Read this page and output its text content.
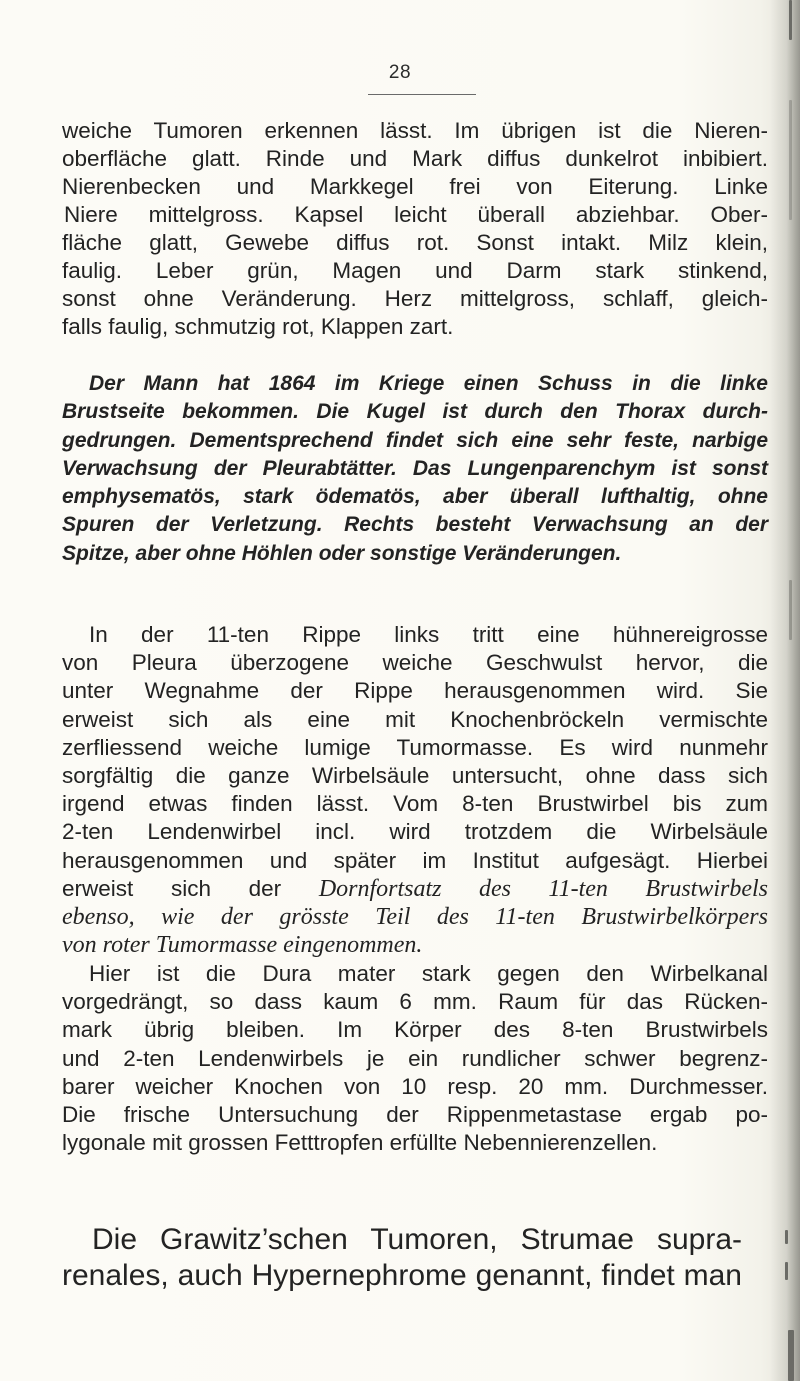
28
weiche Tumoren erkennen lässt. Im übrigen ist die Nieren-
oberfläche glatt. Rinde und Mark diffus dunkelrot inbibiert.
Nierenbecken und Markkegel frei von Eiterung. Linke
Niere mittelgross. Kapsel leicht überall abziehbar. Ober-
fläche glatt, Gewebe diffus rot. Sonst intakt. Milz klein,
faulig. Leber grün, Magen und Darm stark stinkend,
sonst ohne Veränderung. Herz mittelgross, schlaff, gleich-
falls faulig, schmutzig rot, Klappen zart.
Der Mann hat 1864 im Kriege einen Schuss in die linke
Brustseite bekommen. Die Kugel ist durch den Thorax durch-
gedrungen. Dementsprechend findet sich eine sehr feste, narbige
Verwachsung der Pleurabtätter. Das Lungenparenchym ist sonst
emphysematös, stark ödematös, aber überall lufthaltig, ohne
Spuren der Verletzung. Rechts besteht Verwachsung an der
Spitze, aber ohne Höhlen oder sonstige Veränderungen.
In der 11-ten Rippe links tritt eine hühnereigrosse
von Pleura überzogene weiche Geschwulst hervor, die
unter Wegnahme der Rippe herausgenommen wird. Sie
erweist sich als eine mit Knochenbröckeln vermischte
zerfliessend weiche lumige Tumormasse. Es wird nunmehr
sorgfältig die ganze Wirbelsäule untersucht, ohne dass sich
irgend etwas finden lässt. Vom 8-ten Brustwirbel bis zum
2-ten Lendenwirbel incl. wird trotzdem die Wirbelsäule
herausgenommen und später im Institut aufgesägt. Hierbei
erweist sich der Dornfortsatz des 11-ten Brustwirbels
ebenso, wie der grösste Teil des 11-ten Brustwirbelkörpers
von roter Tumormasse eingenommen.
Hier ist die Dura mater stark gegen den Wirbelkanal
vorgedrängt, so dass kaum 6 mm. Raum für das Rücken-
mark übrig bleiben. Im Körper des 8-ten Brustwirbels
und 2-ten Lendenwirbels je ein rundlicher schwer begrenz-
barer weicher Knochen von 10 resp. 20 mm. Durchmesser.
Die frische Untersuchung der Rippenmetastase ergab po-
lygonale mit grossen Fetttropfen erfüllte Nebennierenzellen.
Die Grawitz’schen Tumoren, Strumae supra-
renales, auch Hypernephrome genannt, findet man
